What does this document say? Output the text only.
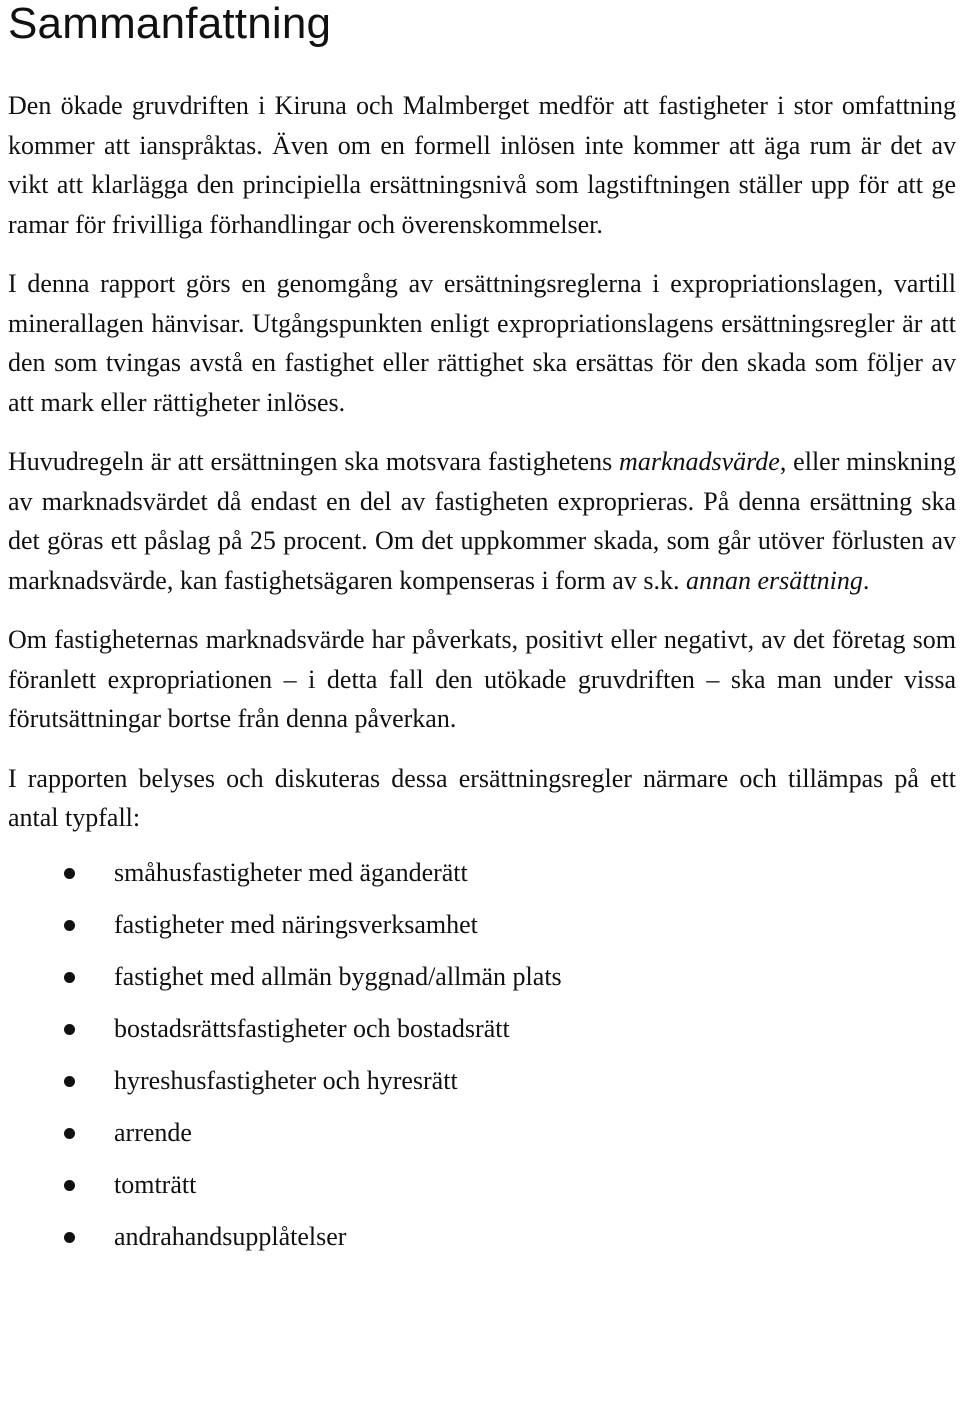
Sammanfattning

Den ökade gruvdriften i Kiruna och Malmberget medför att fastigheter i stor omfattning kommer att ianspråktas. Även om en formell inlösen inte kommer att äga rum är det av vikt att klarlägga den principiella ersättningsnivå som lagstiftningen ställer upp för att ge ramar för frivilliga förhandlingar och överenskommelser.

I denna rapport görs en genomgång av ersättningsreglerna i expropriationslagen, vartill minerallagen hänvisar. Utgångspunkten enligt expropriationslagens ersättningsregler är att den som tvingas avstå en fastighet eller rättighet ska ersättas för den skada som följer av att mark eller rättigheter inlöses.

Huvudregeln är att ersättningen ska motsvara fastighetens marknadsvärde, eller minskning av marknadsvärdet då endast en del av fastigheten exproprieras. På denna ersättning ska det göras ett påslag på 25 procent. Om det uppkommer skada, som går utöver förlusten av marknadsvärde, kan fastighetsägaren kompenseras i form av s.k. annan ersättning.

Om fastigheternas marknadsvärde har påverkats, positivt eller negativt, av det företag som föranlett expropriationen – i detta fall den utökade gruvdriften – ska man under vissa förutsättningar bortse från denna påverkan.

I rapporten belyses och diskuteras dessa ersättningsregler närmare och tillämpas på ett antal typfall:

småhusfastigheter med äganderätt
fastigheter med näringsverksamhet
fastighet med allmän byggnad/allmän plats
bostadsrättsfastigheter och bostadsrätt
hyreshusfastigheter och hyresrätt
arrende
tomträtt
andrahandsupplåtelser
